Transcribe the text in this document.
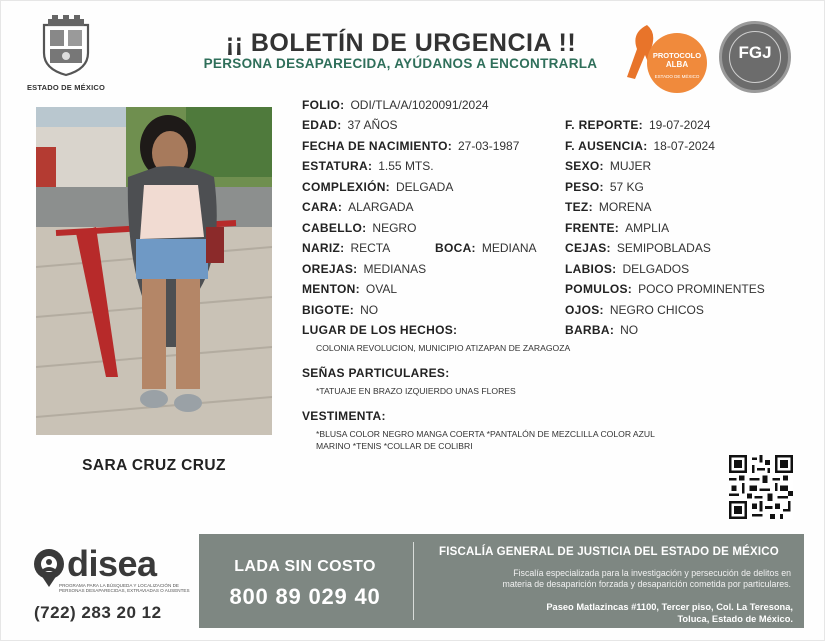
ESTADO DE MÉXICO
¡¡ BOLETÍN DE URGENCIA !!
PERSONA DESAPARECIDA, AYÚDANOS A ENCONTRARLA
PROTOCOLO
ALBA
ESTADO DE MÉXICO
FGJ
SARA CRUZ CRUZ
FOLIO: ODI/TLA/A/1020091/2024
EDAD: 37 AÑOS
FECHA DE NACIMIENTO: 27-03-1987
ESTATURA: 1.55 MTS.
COMPLEXIÓN: DELGADA
CARA: ALARGADA
CABELLO: NEGRO
NARIZ: RECTA	BOCA: MEDIANA
OREJAS: MEDIANAS
MENTON: OVAL
BIGOTE: NO
F. REPORTE: 19-07-2024
F. AUSENCIA: 18-07-2024
SEXO: MUJER
PESO: 57 KG
TEZ: MORENA
FRENTE: AMPLIA
CEJAS: SEMIPOBLADAS
LABIOS: DELGADOS
POMULOS: POCO PROMINENTES
OJOS: NEGRO CHICOS
BARBA: NO
LUGAR DE LOS HECHOS:
COLONIA REVOLUCION, MUNICIPIO ATIZAPAN DE ZARAGOZA
SEÑAS PARTICULARES:
*TATUAJE EN BRAZO IZQUIERDO UNAS FLORES
VESTIMENTA:
*BLUSA COLOR NEGRO MANGA COERTA *PANTALÓN DE MEZCLILLA COLOR AZUL
MARINO *TENIS *COLLAR DE COLIBRI
disea
PROGRAMA PARA LA BÚSQUEDA Y LOCALIZACIÓN DE PERSONAS DESAPARECIDAS, EXTRAVIADAS O AUSENTES
(722) 283 20 12
LADA SIN COSTO
800 89 029 40
FISCALÍA GENERAL DE JUSTICIA DEL ESTADO DE MÉXICO
Fiscalía especializada para la investigación y persecución de delitos en
materia de desaparición forzada y desaparición cometida por particulares.
Paseo Matlazincas #1100, Tercer piso, Col. La Teresona,
Toluca, Estado de México.
